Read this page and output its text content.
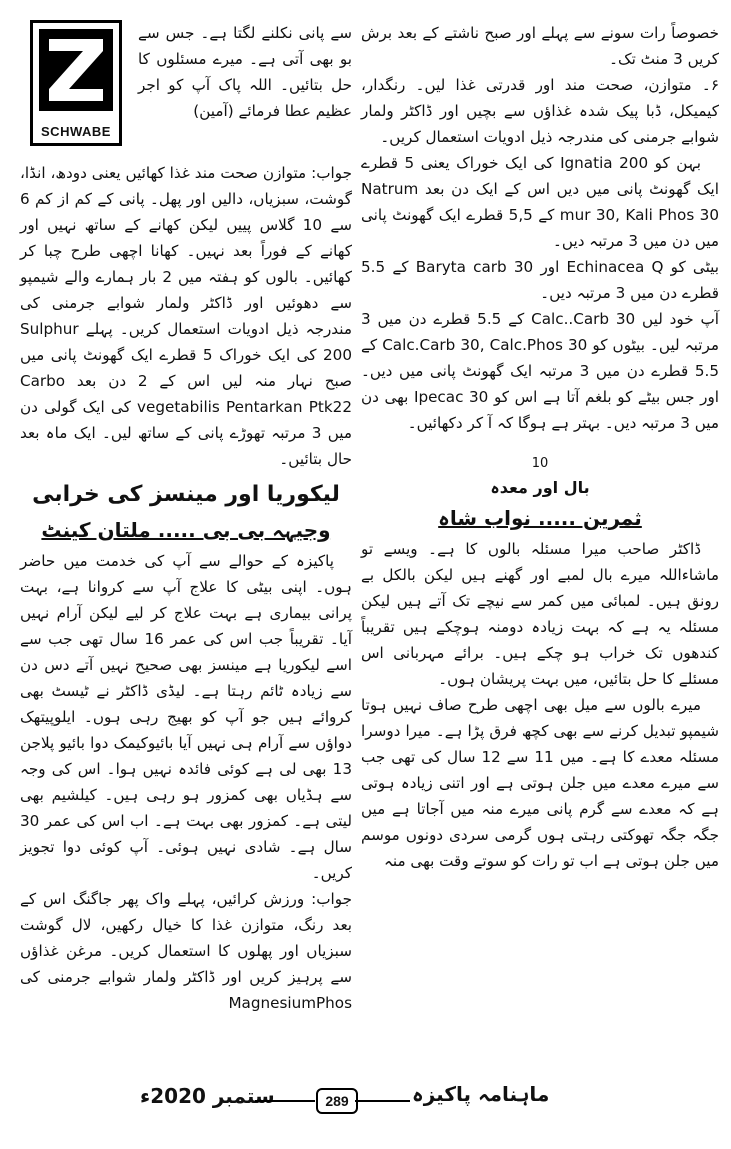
SCHWABE

خصوصاً رات سونے سے پہلے اور صبح ناشتے کے بعد برش کریں 3 منٹ تک۔

۶۔ متوازن، صحت مند اور قدرتی غذا لیں۔ رنگدار، کیمیکل، ڈبا پیک شدہ غذاؤں سے بچیں اور ڈاکٹر ولمار شوابے جرمنی کی مندرجہ ذیل ادویات استعمال کریں۔

بہن کو Ignatia 200 کی ایک خوراک یعنی 5 قطرے ایک گھونٹ پانی میں دیں اس کے ایک دن بعد Natrum mur 30, Kali Phos 30 کے 5,5 قطرے ایک گھونٹ پانی میں دن میں 3 مرتبہ دیں۔

بیٹی کو Echinacea Q اور Baryta carb 30 کے 5.5 قطرے دن میں 3 مرتبہ دیں۔

آپ خود لیں Calc..Carb 30 کے 5.5 قطرے دن میں 3 مرتبہ لیں۔ بیٹوں کو Calc.Carb 30, Calc.Phos 30 کے 5.5 قطرے دن میں 3 مرتبہ ایک گھونٹ پانی میں دیں۔ اور جس بیٹے کو بلغم آتا ہے اس کو Ipecac 30 بھی دن میں 3 مرتبہ دیں۔ بہتر ہے ہوگا کہ آ کر دکھائیں۔

10

بال اور معدہ

ثمرین ..... نواب شاہ

ڈاکٹر صاحب میرا مسئلہ بالوں کا ہے۔ ویسے تو ماشاءاللہ میرے بال لمبے اور گھنے ہیں لیکن بالکل بے رونق ہیں۔ لمبائی میں کمر سے نیچے تک آتے ہیں لیکن مسئلہ یہ ہے کہ بہت زیادہ دومنہ ہوچکے ہیں تقریباً کندھوں تک خراب ہو چکے ہیں۔ برائے مہربانی اس مسئلے کا حل بتائیں، میں بہت پریشان ہوں۔

میرے بالوں سے میل بھی اچھی طرح صاف نہیں ہوتا شیمپو تبدیل کرنے سے بھی کچھ فرق پڑا ہے۔ میرا دوسرا مسئلہ معدے کا ہے۔ میں 11 سے 12 سال کی تھی جب سے میرے معدے میں جلن ہوتی ہے اور اتنی زیادہ ہوتی ہے کہ معدے سے گرم پانی میرے منہ میں آجاتا ہے میں جگہ جگہ تھوکتی رہتی ہوں گرمی سردی دونوں موسم میں جلن ہوتی ہے اب تو رات کو سوتے وقت بھی منہ

سے پانی نکلنے لگتا ہے۔ جس سے بو بھی آتی ہے۔ میرے مسئلوں کا حل بتائیں۔ اللہ پاک آپ کو اجر عظیم عطا فرمائے (آمین)

جواب: متوازن صحت مند غذا کھائیں یعنی دودھ، انڈا، گوشت، سبزیاں، دالیں اور پھل۔ پانی کے کم از کم 6 سے 10 گلاس پییں لیکن کھانے کے ساتھ نہیں اور کھانے کے فوراً بعد نہیں۔ کھانا اچھی طرح چبا کر کھائیں۔ بالوں کو ہفتہ میں 2 بار ہمارے والے شیمپو سے دھوئیں اور ڈاکٹر ولمار شوابے جرمنی کی مندرجہ ذیل ادویات استعمال کریں۔ پہلے Sulphur 200 کی ایک خوراک 5 قطرے ایک گھونٹ پانی میں صبح نہار منہ لیں اس کے 2 دن بعد Carbo vegetabilis Pentarkan Ptk22 کی ایک گولی دن میں 3 مرتبہ تھوڑے پانی کے ساتھ لیں۔ ایک ماہ بعد حال بتائیں۔

لیکوریا اور مینسز کی خرابی

وجیہہ بی بی ..... ملتان کینٹ

پاکیزہ کے حوالے سے آپ کی خدمت میں حاضر ہوں۔ اپنی بیٹی کا علاج آپ سے کروانا ہے، بہت پرانی بیماری ہے بہت علاج کر لیے لیکن آرام نہیں آیا۔ تقریباً جب اس کی عمر 16 سال تھی جب سے اسے لیکوریا ہے مینسز بھی صحیح نہیں آتے دس دن سے زیادہ ٹائم رہتا ہے۔ لیڈی ڈاکٹر نے ٹیسٹ بھی کروائے ہیں جو آپ کو بھیج رہی ہوں۔ ایلوپیتھک دواؤں سے آرام ہی نہیں آیا بائیوکیمک دوا بائیو پلاجن 13 بھی لی ہے کوئی فائدہ نہیں ہوا۔ اس کی وجہ سے ہڈیاں بھی کمزور ہو رہی ہیں۔ کیلشیم بھی لیتی ہے۔ کمزور بھی بہت ہے۔ اب اس کی عمر 30 سال ہے۔ شادی نہیں ہوئی۔ آپ کوئی دوا تجویز کریں۔

جواب: ورزش کرائیں، پہلے واک پھر جاگنگ اس کے بعد رنگ، متوازن غذا کا خیال رکھیں، لال گوشت سبزیاں اور پھلوں کا استعمال کریں۔ مرغن غذاؤں سے پرہیز کریں اور ڈاکٹر ولمار شوابے جرمنی کی MagnesiumPhos

ستمبر 2020ء	289	ماہنامہ پاکیزہ
